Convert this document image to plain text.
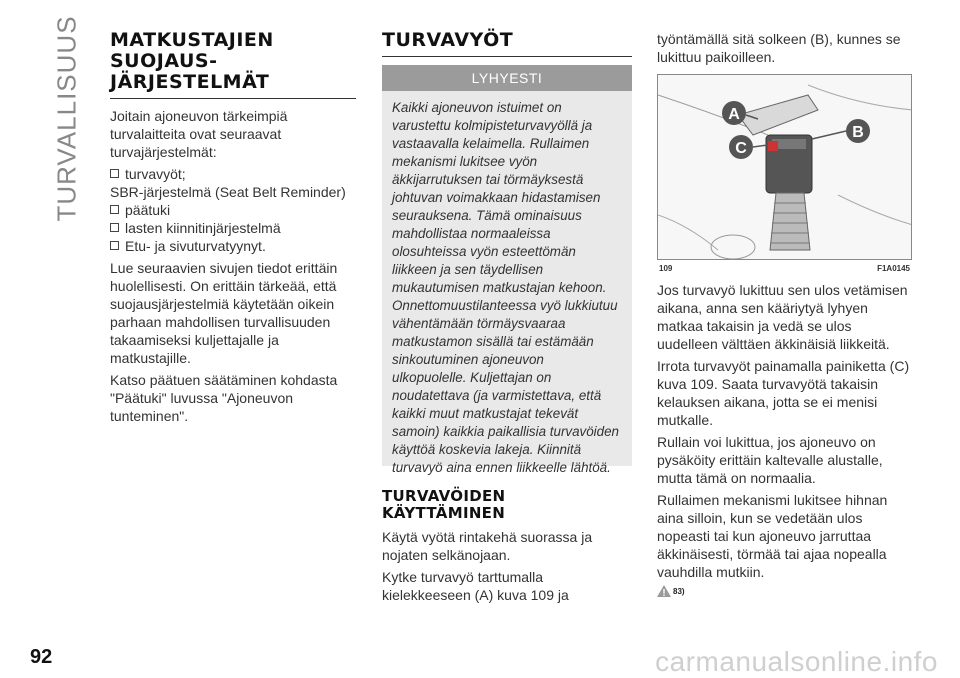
TURVALLISUUS MATKUSTAJIEN SUOJAUS-JÄRJESTELMÄT

Joitain ajoneuvon tärkeimpiä turvalaitteita ovat seuraavat turvajärjestelmät:

turvavyöt;
SBR-järjestelmä (Seat Belt Reminder)
päätuki
lasten kiinnitinjärjestelmä
Etu- ja sivuturvatyynyt.

Lue seuraavien sivujen tiedot erittäin huolellisesti. On erittäin tärkeää, että suojausjärjestelmiä käytetään oikein parhaan mahdollisen turvallisuuden takaamiseksi kuljettajalle ja matkustajille.

Katso päätuen säätäminen kohdasta "Päätuki" luvussa "Ajoneuvon tunteminen".

TURVAVYÖT
LYHYESTI

Kaikki ajoneuvon istuimet on varustettu kolmipisteturvavyöllä ja vastaavalla kelaimella. Rullaimen mekanismi lukitsee vyön äkkijarrutuksen tai törmäyksestä johtuvan voimakkaan hidastamisen seurauksena. Tämä ominaisuus mahdollistaa normaaleissa olosuhteissa vyön esteettömän liikkeen ja sen täydellisen mukautumisen matkustajan kehoon. Onnettomuustilanteessa vyö lukkiutuu vähentämään törmäysvaaraa matkustamon sisällä tai estämään sinkoutuminen ajoneuvon ulkopuolelle. Kuljettajan on noudatettava (ja varmistettava, että kaikki muut matkustajat tekevät samoin) kaikkia paikallisia turvavöiden käyttöä koskevia lakeja. Kiinnitä turvavyö aina ennen liikkeelle lähtöä.

TURVAVÖIDEN KÄYTTÄMINEN

Käytä vyötä rintakehä suorassa ja nojaten selkänojaan.

Kytke turvavyö tarttumalla kielekkeeseen (A) kuva 109 ja

työntämällä sitä solkeen (B), kunnes se lukittuu paikoilleen.

A
B
C
109	F1A0145

Jos turvavyö lukittuu sen ulos vetämisen aikana, anna sen kääriytyä lyhyen matkaa takaisin ja vedä se ulos uudelleen välttäen äkkinäisiä liikkeitä.

Irrota turvavyöt painamalla painiketta (C) kuva 109. Saata turvavyötä takaisin kelauksen aikana, jotta se ei menisi mutkalle.

Rullain voi lukittua, jos ajoneuvo on pysäköity erittäin kaltevalle alustalle, mutta tämä on normaalia.

Rullaimen mekanismi lukitsee hihnan aina silloin, kun se vedetään ulos nopeasti tai kun ajoneuvo jarruttaa äkkinäisesti, törmää tai ajaa nopealla vauhdilla mutkiin.

83)
92	carmanualsonline.info
